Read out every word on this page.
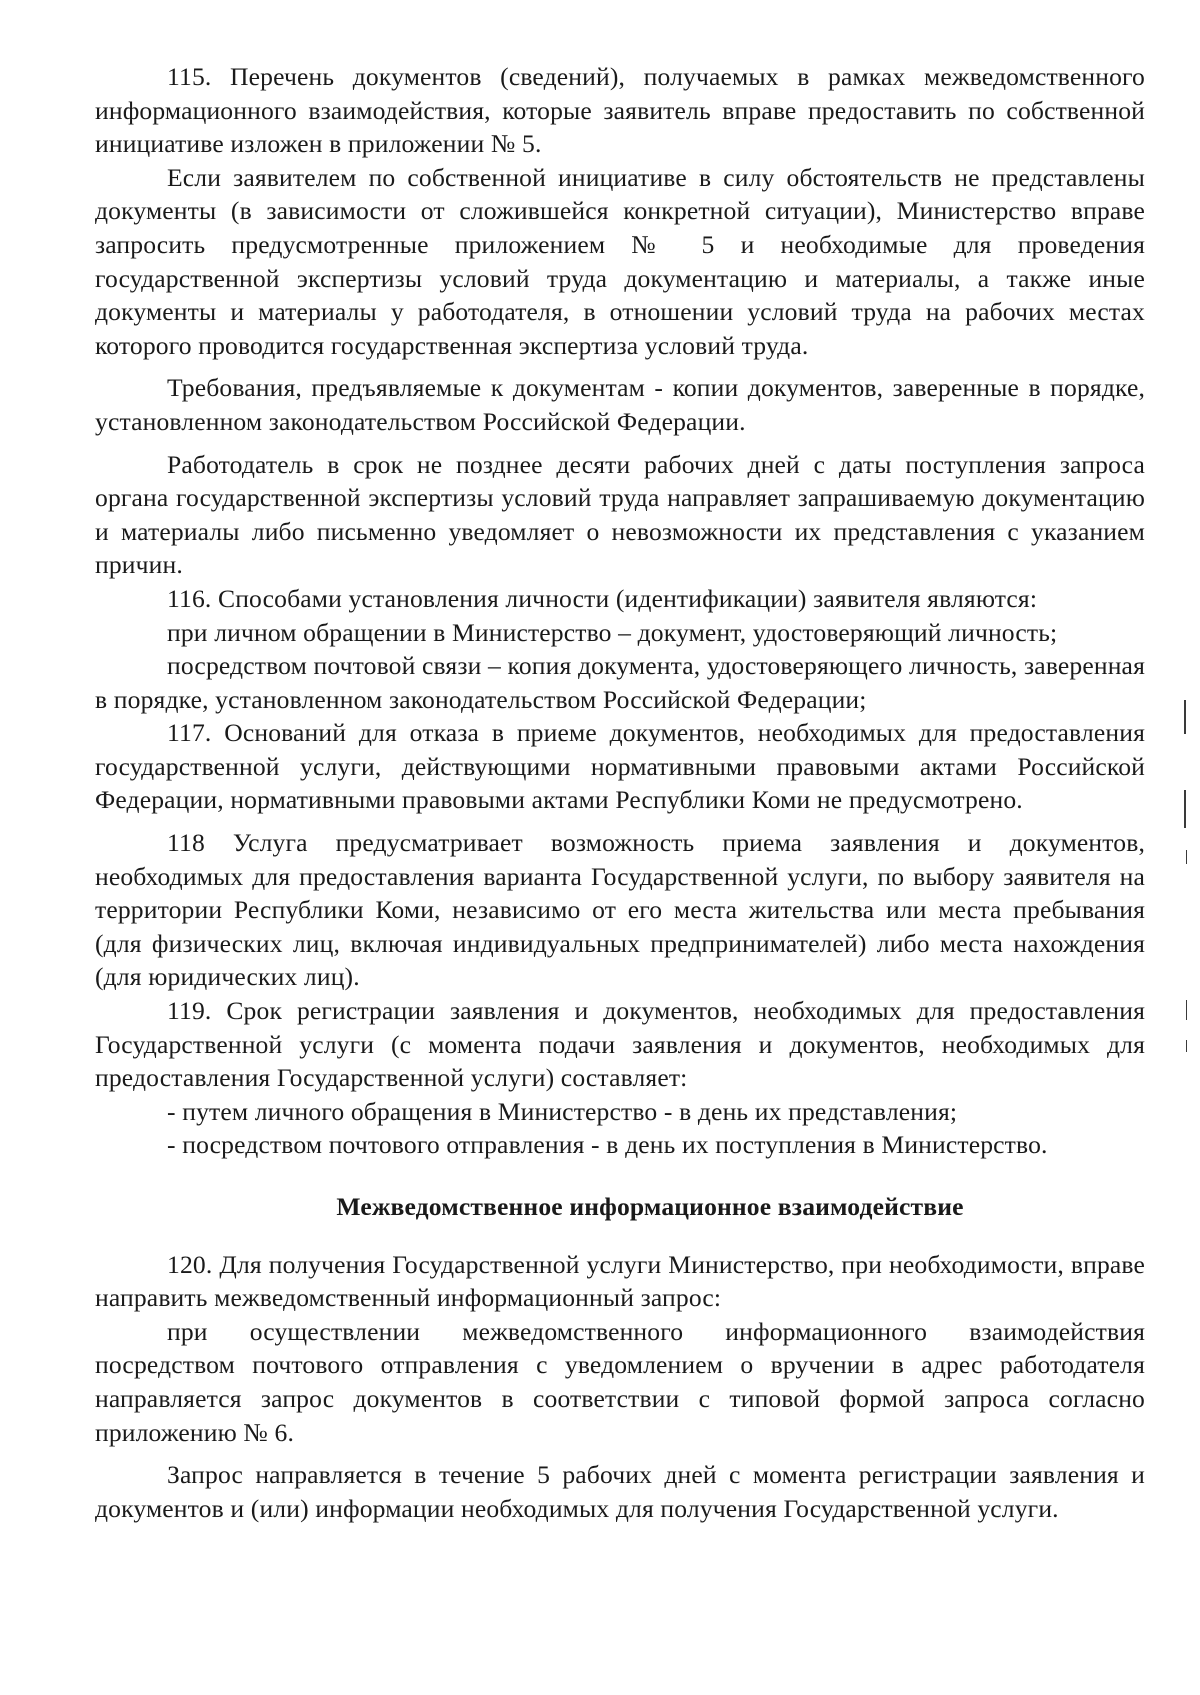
115. Перечень документов (сведений), получаемых в рамках межведомственного информационного взаимодействия, которые заявитель вправе предоставить по собственной инициативе изложен в приложении № 5.

Если заявителем по собственной инициативе в силу обстоятельств не представлены документы (в зависимости от сложившейся конкретной ситуации), Министерство вправе запросить предусмотренные приложением № 5 и необходимые для проведения государственной экспертизы условий труда документацию и материалы, а также иные документы и материалы у работодателя, в отношении условий труда на рабочих местах которого проводится государственная экспертиза условий труда.

Требования, предъявляемые к документам - копии документов, заверенные в порядке, установленном законодательством Российской Федерации.

Работодатель в срок не позднее десяти рабочих дней с даты поступления запроса органа государственной экспертизы условий труда направляет запрашиваемую документацию и материалы либо письменно уведомляет о невозможности их представления с указанием причин.

116. Способами установления личности (идентификации) заявителя являются:

при личном обращении в Министерство – документ, удостоверяющий личность;

посредством почтовой связи – копия документа, удостоверяющего личность, заверенная в порядке, установленном законодательством Российской Федерации;

117. Оснований для отказа в приеме документов, необходимых для предоставления государственной услуги, действующими нормативными правовыми актами Российской Федерации, нормативными правовыми актами Республики Коми не предусмотрено.

118 Услуга предусматривает возможность приема заявления и документов, необходимых для предоставления варианта Государственной услуги, по выбору заявителя на территории Республики Коми, независимо от его места жительства или места пребывания (для физических лиц, включая индивидуальных предпринимателей) либо места нахождения (для юридических лиц).

119. Срок регистрации заявления и документов, необходимых для предоставления Государственной услуги (с момента подачи заявления и документов, необходимых для предоставления Государственной услуги) составляет:

- путем личного обращения в Министерство - в день их представления;

- посредством почтового отправления - в день их поступления в Министерство.

Межведомственное информационное взаимодействие

120. Для получения Государственной услуги Министерство, при необходимости, вправе направить межведомственный информационный запрос:

при осуществлении межведомственного информационного взаимодействия посредством почтового отправления с уведомлением о вручении в адрес работодателя направляется запрос документов в соответствии с типовой формой запроса согласно приложению № 6.

Запрос направляется в течение 5 рабочих дней с момента регистрации заявления и документов и (или) информации необходимых для получения Государственной услуги.
